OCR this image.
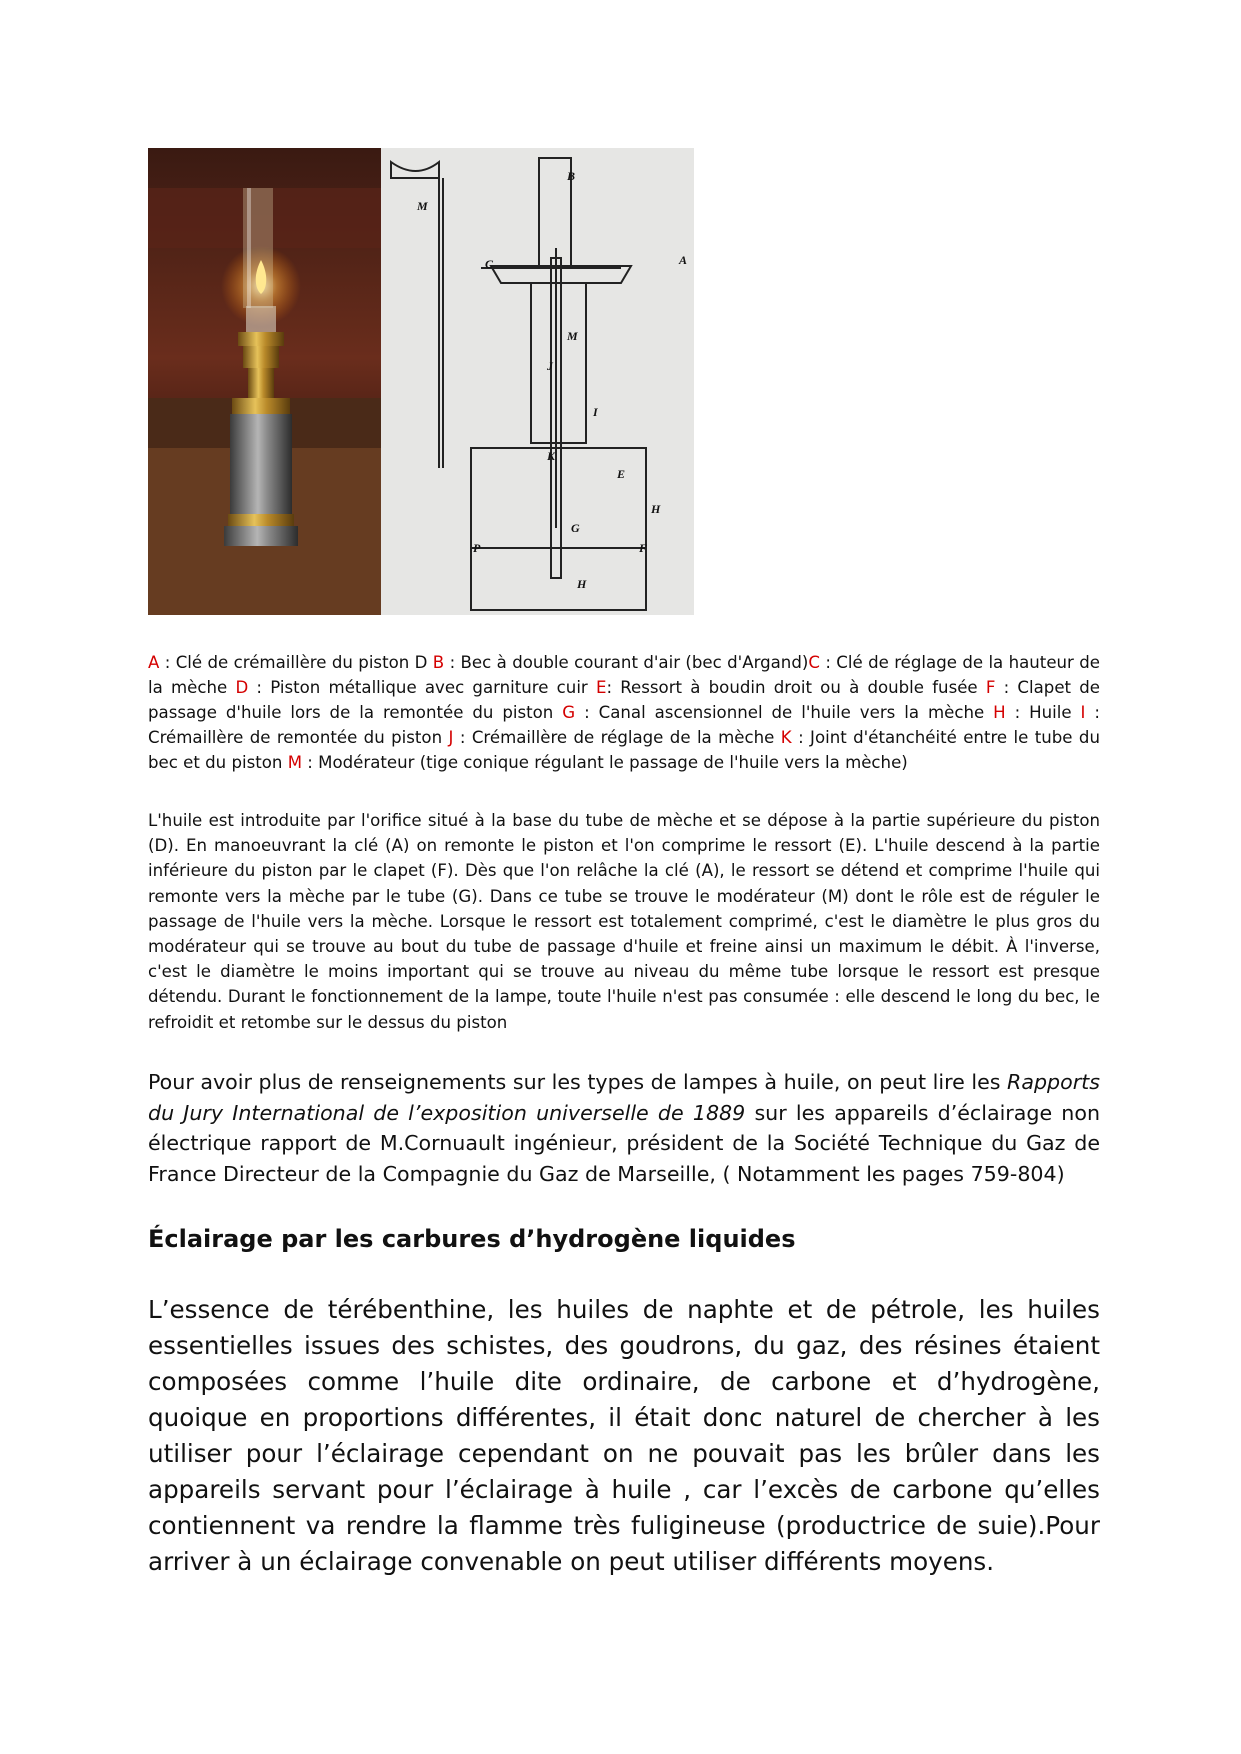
B
M
C	A
J
M
I
K
E
G
H
F
P
H
A : Clé de crémaillère du piston D B : Bec à double courant d'air (bec d'Argand)C : Clé de réglage de la hauteur de la mèche D : Piston métallique avec garniture cuir E: Ressort à boudin droit ou à double fusée F : Clapet de passage d'huile lors de la remontée du piston G : Canal ascensionnel de l'huile vers la mèche H : Huile I : Crémaillère de remontée du piston J : Crémaillère de réglage de la mèche K : Joint d'étanchéité entre le tube du bec et du piston M : Modérateur (tige conique régulant le passage de l'huile vers la mèche)
L'huile est introduite par l'orifice situé à la base du tube de mèche et se dépose à la partie supérieure du piston (D). En manoeuvrant la clé (A) on remonte le piston et l'on comprime le ressort (E). L'huile descend à la partie inférieure du piston par le clapet (F). Dès que l'on relâche la clé (A), le ressort se détend et comprime l'huile qui remonte vers la mèche par le tube (G). Dans ce tube se trouve le modérateur (M) dont le rôle est de réguler le passage de l'huile vers la mèche. Lorsque le ressort est totalement comprimé, c'est le diamètre le plus gros du modérateur qui se trouve au bout du tube de passage d'huile et freine ainsi un maximum le débit. À l'inverse, c'est le diamètre le moins important qui se trouve au niveau du même tube lorsque le ressort est presque détendu. Durant le fonctionnement de la lampe, toute l'huile n'est pas consumée : elle descend le long du bec, le refroidit et retombe sur le dessus du piston
Pour avoir plus de renseignements sur les types de lampes à huile, on peut lire les Rapports du Jury International de l’exposition universelle de 1889 sur les appareils d’éclairage non électrique rapport de M.Cornuault ingénieur, président de la Société Technique du Gaz de France Directeur de la Compagnie du Gaz de Marseille, ( Notamment les pages 759-804)
Éclairage par les carbures d’hydrogène liquides
L’essence de térébenthine, les huiles de naphte et de pétrole, les huiles essentielles issues des schistes, des goudrons, du gaz, des résines étaient composées comme l’huile dite ordinaire, de carbone et d’hydrogène, quoique en proportions différentes, il était donc naturel de chercher à les utiliser pour l’éclairage cependant on ne pouvait pas les brûler dans les appareils servant pour l’éclairage à huile , car l’excès de carbone qu’elles contiennent va rendre la flamme très fuligineuse (productrice de suie).Pour arriver à un éclairage convenable on peut utiliser différents moyens.
